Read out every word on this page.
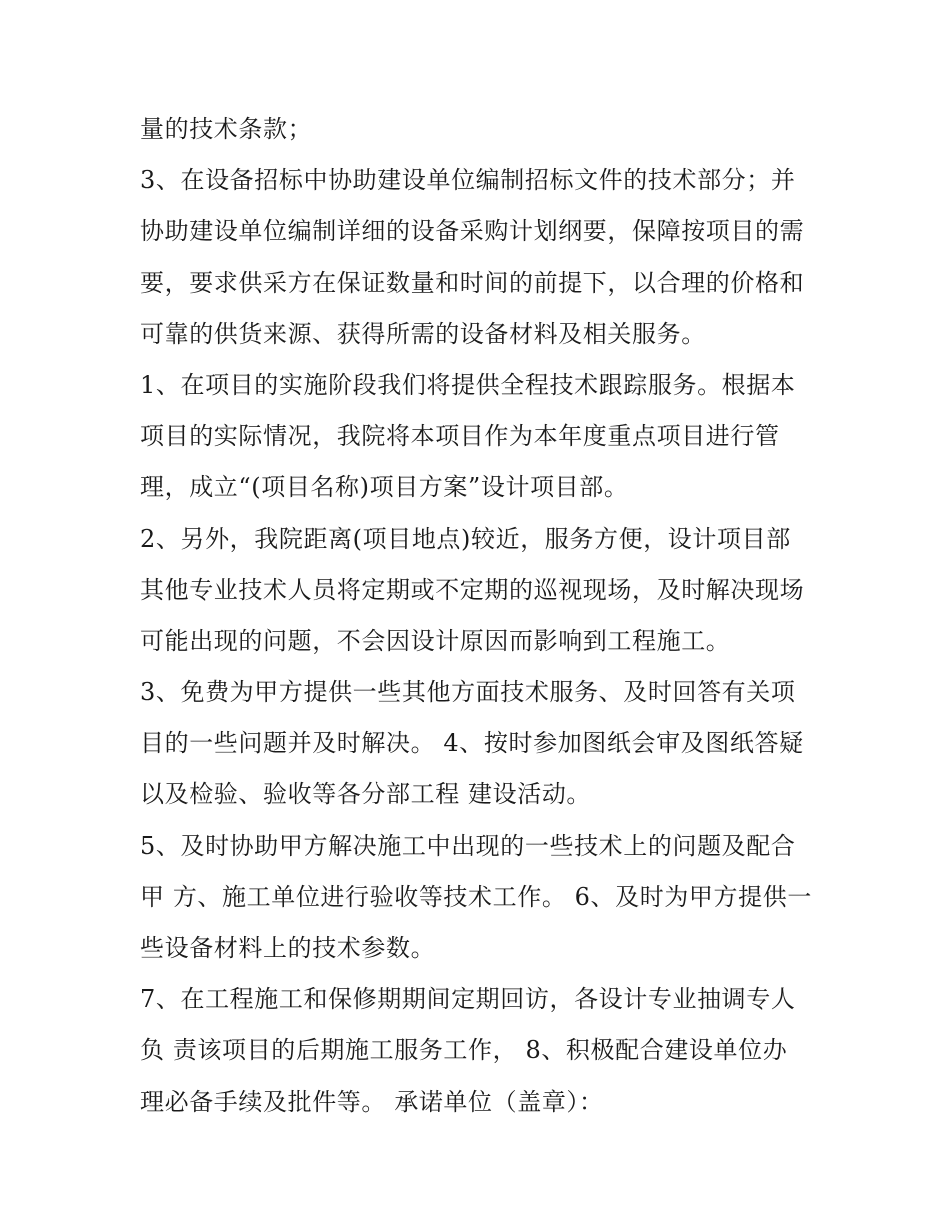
量的技术条款；
3、在设备招标中协助建设单位编制招标文件的技术部分；并
协助建设单位编制详细的设备采购计划纲要，保障按项目的需
要，要求供采方在保证数量和时间的前提下，以合理的价格和
可靠的供货来源、获得所需的设备材料及相关服务。
1、在项目的实施阶段我们将提供全程技术跟踪服务。根据本
项目的实际情况，我院将本项目作为本年度重点项目进行管
理，成立“(项目名称)项目方案”设计项目部。
2、另外，我院距离(项目地点)较近，服务方便，设计项目部
其他专业技术人员将定期或不定期的巡视现场，及时解决现场
可能出现的问题，不会因设计原因而影响到工程施工。
3、免费为甲方提供一些其他方面技术服务、及时回答有关项
目的一些问题并及时解决。 4、按时参加图纸会审及图纸答疑
以及检验、验收等各分部工程 建设活动。
5、及时协助甲方解决施工中出现的一些技术上的问题及配合
甲 方、施工单位进行验收等技术工作。 6、及时为甲方提供一
些设备材料上的技术参数。
7、在工程施工和保修期期间定期回访，各设计专业抽调专人
负 责该项目的后期施工服务工作， 8、积极配合建设单位办
理必备手续及批件等。 承诺单位（盖章）：
